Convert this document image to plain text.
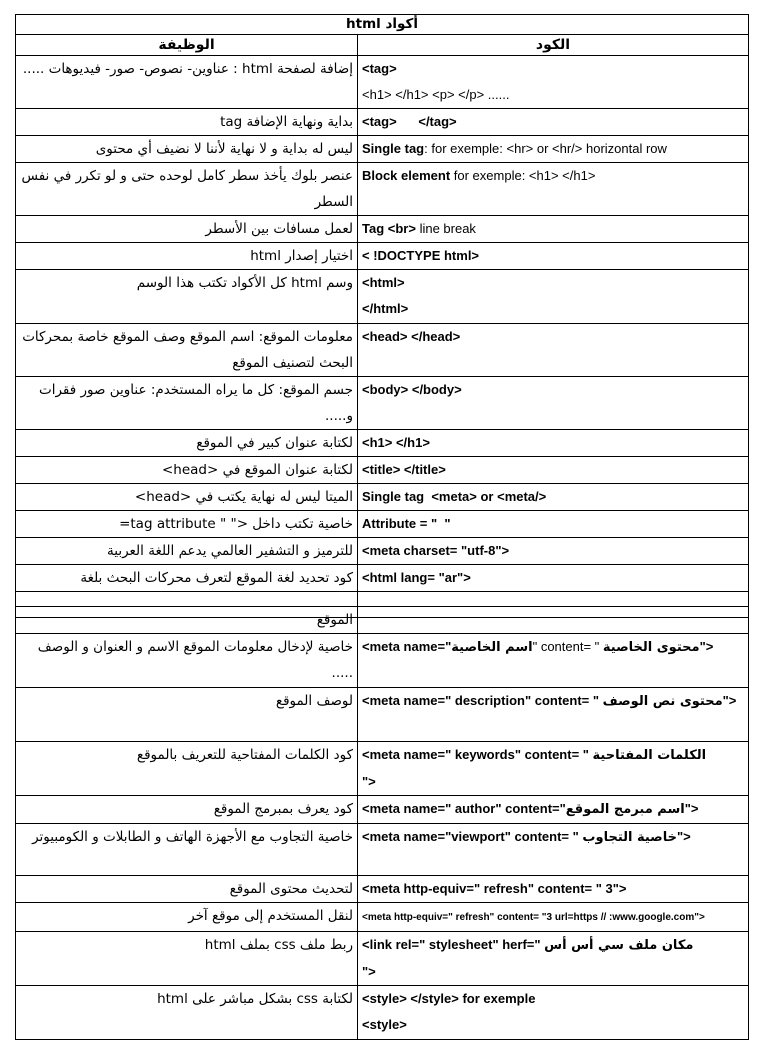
أكواد html	
الوظيفة	الكود
إضافة لصفحة html : عناوين- نصوص- صور- فيديوهات .....	<tag>
<h1> </h1> <p> </p> ......
بداية ونهاية الإضافة tag	<tag>      </tag>
ليس له بداية و لا نهاية لأننا لا نضيف أي محتوى	Single tag: for exemple: <hr> or <hr/> horizontal row
عنصر بلوك يأخذ سطر كامل لوحده حتى و لو تكرر في نفس السطر	Block element for exemple: <h1> </h1>
لعمل مسافات بين الأسطر	Tag <br> line break
اختيار إصدار html	< !DOCTYPE html>
وسم html كل الأكواد تكتب هذا الوسم	<html>
</html>
معلومات الموقع: اسم الموقع وصف الموقع خاصة بمحركات البحث لتصنيف الموقع	<head> </head>
جسم الموقع: كل ما يراه المستخدم: عناوين صور فقرات و.....	<body> </body>
لكتابة عنوان كبير في الموقع	<h1> </h1>
لكتابة عنوان الموقع في <head>	<title> </title>
الميتا ليس له نهاية يكتب في <head>	Single tag  <meta> or <meta/>
خاصية تكتب داخل <" " tag attribute=	Attribute = "  "
للترميز و التشفير العالمي يدعم اللغة العربية	<meta charset= "utf-8">
كود تحديد لغة الموقع لتعرف محركات البحث بلغة	<html lang= "ar">

الموقع	
خاصية لإدخال معلومات الموقع الاسم و العنوان و الوصف .....	<meta name="اسم الخاصية" content= " محتوى الخاصية">
لوصف الموقع	<meta name=" description" content= " محتوى نص الوصف">
كود الكلمات المفتاحية للتعريف بالموقع	<meta name=" keywords" content= " الكلمات المفتاحية
">
كود يعرف بمبرمج الموقع	<meta name=" author" content="اسم مبرمج الموقع">
خاصية التجاوب مع الأجهزة الهاتف و الطابلات و الكومبيوتر	<meta name="viewport" content= " خاصية التجاوب">
لتحديث محتوى الموقع	<meta http-equiv=" refresh" content= " 3">
لنقل المستخدم إلى موقع آخر	<meta http-equiv=" refresh" content= "3 url=https // :www.google.com">
ربط ملف css بملف html	<link rel=" stylesheet" herf=" مكان ملف سي أس أس
">
لكتابة css بشكل مباشر على html	<style> </style> for exemple
<style>
